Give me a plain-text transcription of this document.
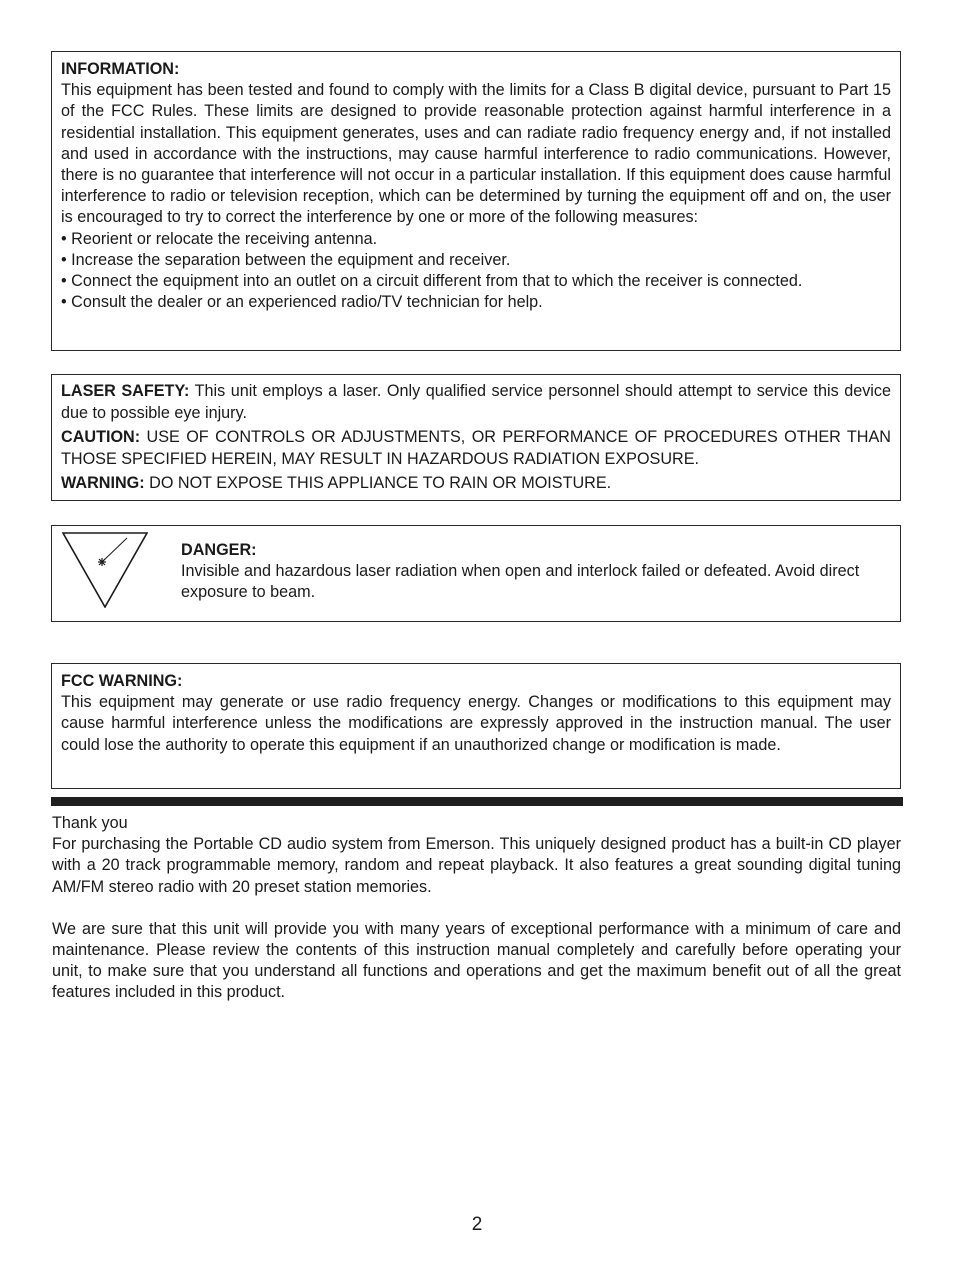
INFORMATION:

This equipment has been tested and found to comply with the limits for a Class B digital device, pursuant to Part 15 of the FCC Rules. These limits are designed to provide reasonable protection against harmful interference in a residential installation. This equipment generates, uses and can radiate radio frequency energy and, if not installed and used in accordance with the instructions, may cause harmful interference to radio communications. However, there is no guarantee that interference will not occur in a particular installation. If this equipment does cause harmful interference to radio or television reception, which can be determined by turning the equipment off and on, the user is encouraged to try to correct the interference by one or more of the following measures:

• Reorient or relocate the receiving antenna.
• Increase the separation between the equipment and receiver.
• Connect the equipment into an outlet on a circuit different from that to which the receiver is connected.
• Consult the dealer or an experienced radio/TV technician for help.

LASER SAFETY: This unit employs a laser. Only qualified service personnel should attempt to service this device due to possible eye injury.

CAUTION: USE OF CONTROLS OR ADJUSTMENTS, OR PERFORMANCE OF PROCEDURES OTHER THAN THOSE SPECIFIED HEREIN, MAY RESULT IN HAZARDOUS RADIATION EXPOSURE.

WARNING: DO NOT EXPOSE THIS APPLIANCE TO RAIN OR MOISTURE.

DANGER:

Invisible and hazardous laser radiation when open and interlock failed or defeated. Avoid direct exposure to beam.

FCC WARNING:

This equipment may generate or use radio frequency energy. Changes or modifications to this equipment may cause harmful interference unless the modifications are expressly approved in the instruction manual. The user could lose the authority to operate this equipment if an unauthorized change or modification is made.

Thank you

For purchasing the Portable CD audio system from Emerson. This uniquely designed product has a built-in CD player with a 20 track programmable memory, random and repeat playback. It also features a great sounding digital tuning AM/FM stereo radio with 20 preset station memories.

We are sure that this unit will provide you with many years of exceptional performance with a minimum of care and maintenance. Please review the contents of this instruction manual completely and carefully before operating your unit, to make sure that you understand all functions and operations and get the maximum benefit out of all the great features included in this product.

2
